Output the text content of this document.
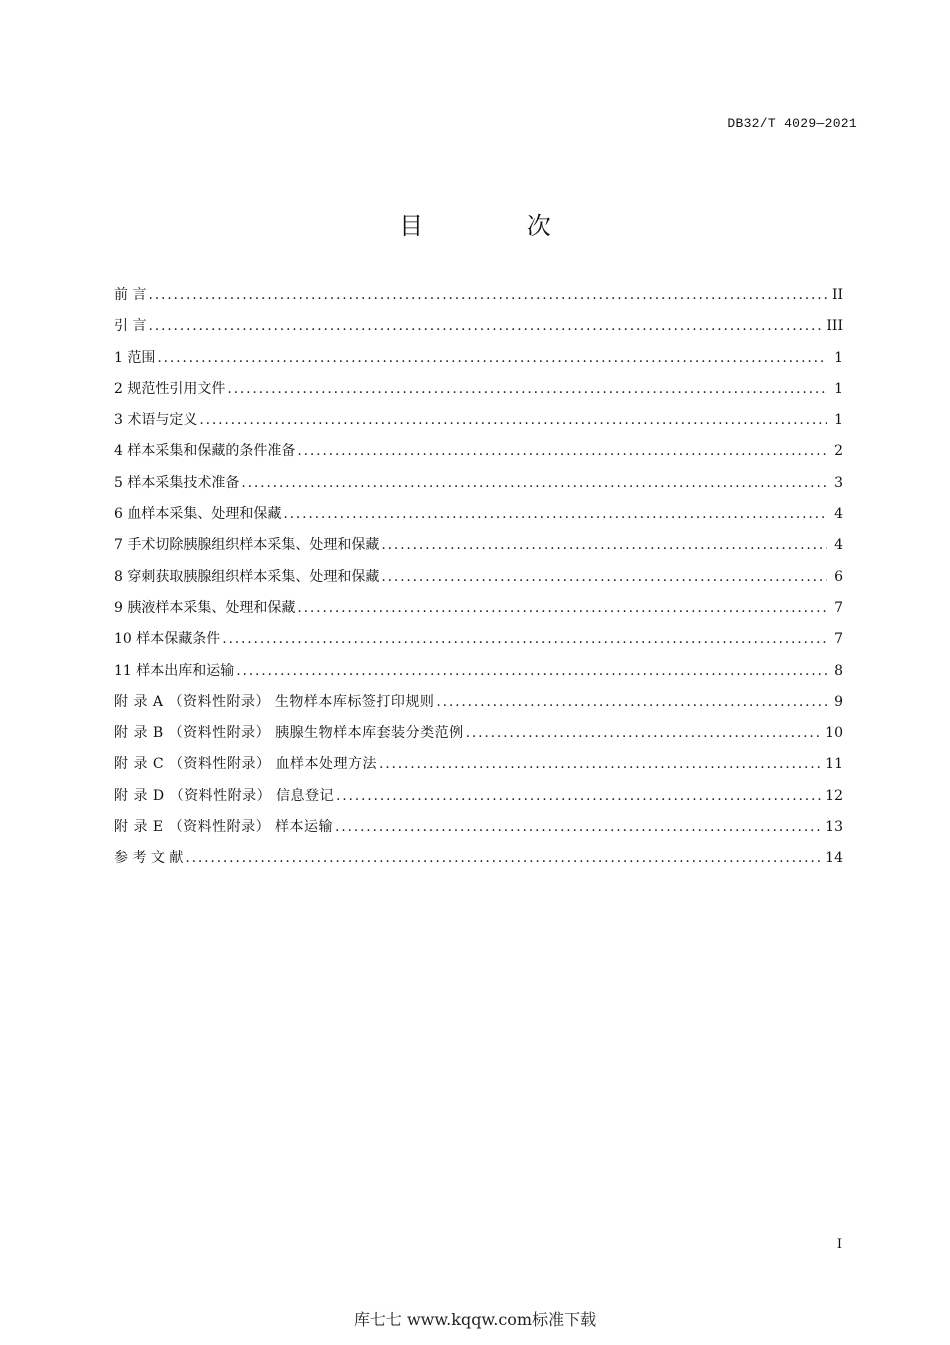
DB32/T 4029—2021
目 次
前 言 .....	II
引 言 .....	III
1 范围 .....	1
2 规范性引用文件 .....	1
3 术语与定义 .....	1
4 样本采集和保藏的条件准备 .....	2
5 样本采集技术准备 .....	3
6 血样本采集、处理和保藏 .....	4
7 手术切除胰腺组织样本采集、处理和保藏 .....	4
8 穿刺获取胰腺组织样本采集、处理和保藏 .....	6
9 胰液样本采集、处理和保藏 .....	7
10 样本保藏条件 .....	7
11 样本出库和运输 .....	8
附 录 A （资料性附录） 生物样本库标签打印规则 .....	9
附 录 B （资料性附录） 胰腺生物样本库套装分类范例 .....	10
附 录 C （资料性附录） 血样本处理方法 .....	11
附 录 D （资料性附录） 信息登记 .....	12
附 录 E （资料性附录） 样本运输 .....	13
参 考 文 献 .....	14
I
库七七 www.kqqw.com标准下载
